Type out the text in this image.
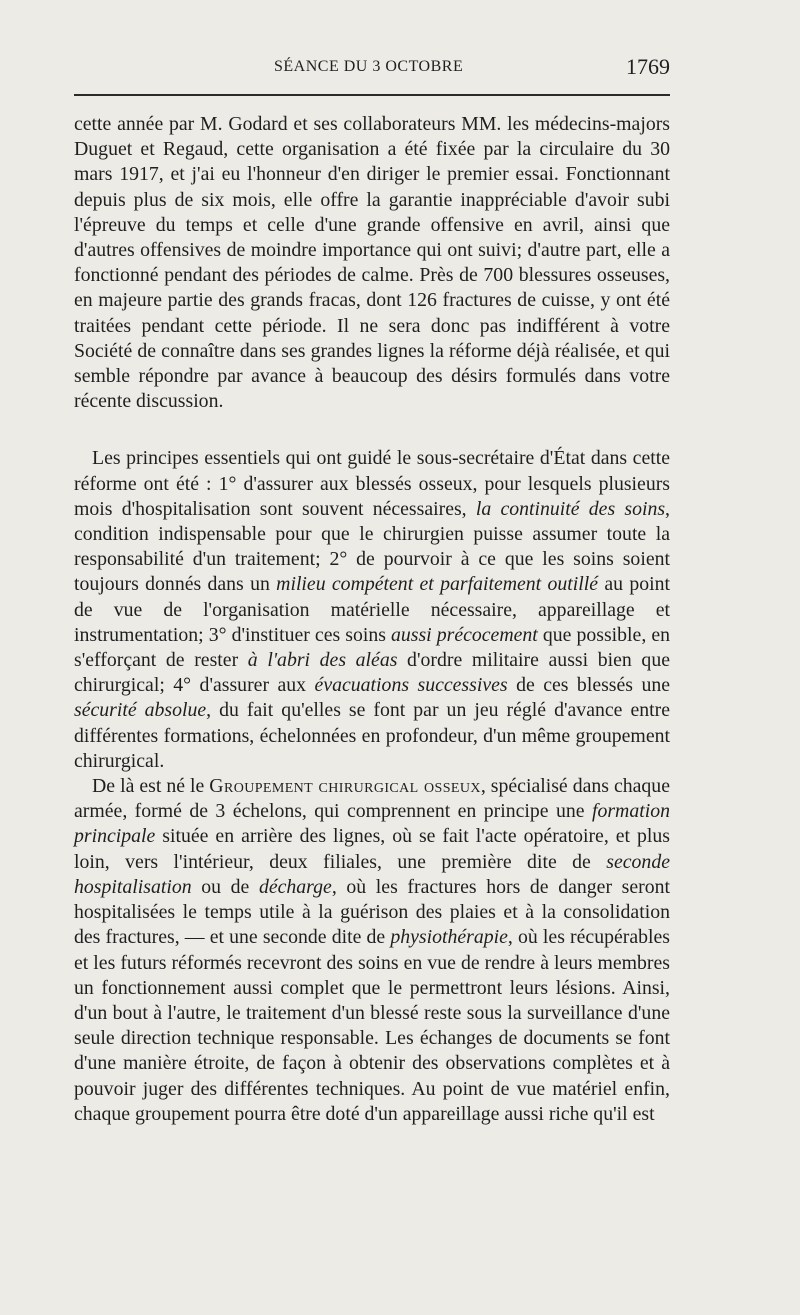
SÉANCE DU 3 OCTOBRE	1769

cette année par M. Godard et ses collaborateurs MM. les médecins-majors Duguet et Regaud, cette organisation a été fixée par la circulaire du 30 mars 1917, et j'ai eu l'honneur d'en diriger le premier essai. Fonctionnant depuis plus de six mois, elle offre la garantie inappréciable d'avoir subi l'épreuve du temps et celle d'une grande offensive en avril, ainsi que d'autres offensives de moindre importance qui ont suivi; d'autre part, elle a fonctionné pendant des périodes de calme. Près de 700 blessures osseuses, en majeure partie des grands fracas, dont 126 fractures de cuisse, y ont été traitées pendant cette période. Il ne sera donc pas indifférent à votre Société de connaître dans ses grandes lignes la réforme déjà réalisée, et qui semble répondre par avance à beaucoup des désirs formulés dans votre récente discussion.

Les principes essentiels qui ont guidé le sous-secrétaire d'État dans cette réforme ont été : 1° d'assurer aux blessés osseux, pour lesquels plusieurs mois d'hospitalisation sont souvent nécessaires, la continuité des soins, condition indispensable pour que le chirurgien puisse assumer toute la responsabilité d'un traitement; 2° de pourvoir à ce que les soins soient toujours donnés dans un milieu compétent et parfaitement outillé au point de vue de l'organisation matérielle nécessaire, appareillage et instrumentation; 3° d'instituer ces soins aussi précocement que possible, en s'efforçant de rester à l'abri des aléas d'ordre militaire aussi bien que chirurgical; 4° d'assurer aux évacuations successives de ces blessés une sécurité absolue, du fait qu'elles se font par un jeu réglé d'avance entre différentes formations, échelonnées en profondeur, d'un même groupement chirurgical.

De là est né le Groupement chirurgical osseux, spécialisé dans chaque armée, formé de 3 échelons, qui comprennent en principe une formation principale située en arrière des lignes, où se fait l'acte opératoire, et plus loin, vers l'intérieur, deux filiales, une première dite de seconde hospitalisation ou de décharge, où les fractures hors de danger seront hospitalisées le temps utile à la guérison des plaies et à la consolidation des fractures, — et une seconde dite de physiothérapie, où les récupérables et les futurs réformés recevront des soins en vue de rendre à leurs membres un fonctionnement aussi complet que le permettront leurs lésions. Ainsi, d'un bout à l'autre, le traitement d'un blessé reste sous la surveillance d'une seule direction technique responsable. Les échanges de documents se font d'une manière étroite, de façon à obtenir des observations complètes et à pouvoir juger des différentes techniques. Au point de vue matériel enfin, chaque groupement pourra être doté d'un appareillage aussi riche qu'il est
